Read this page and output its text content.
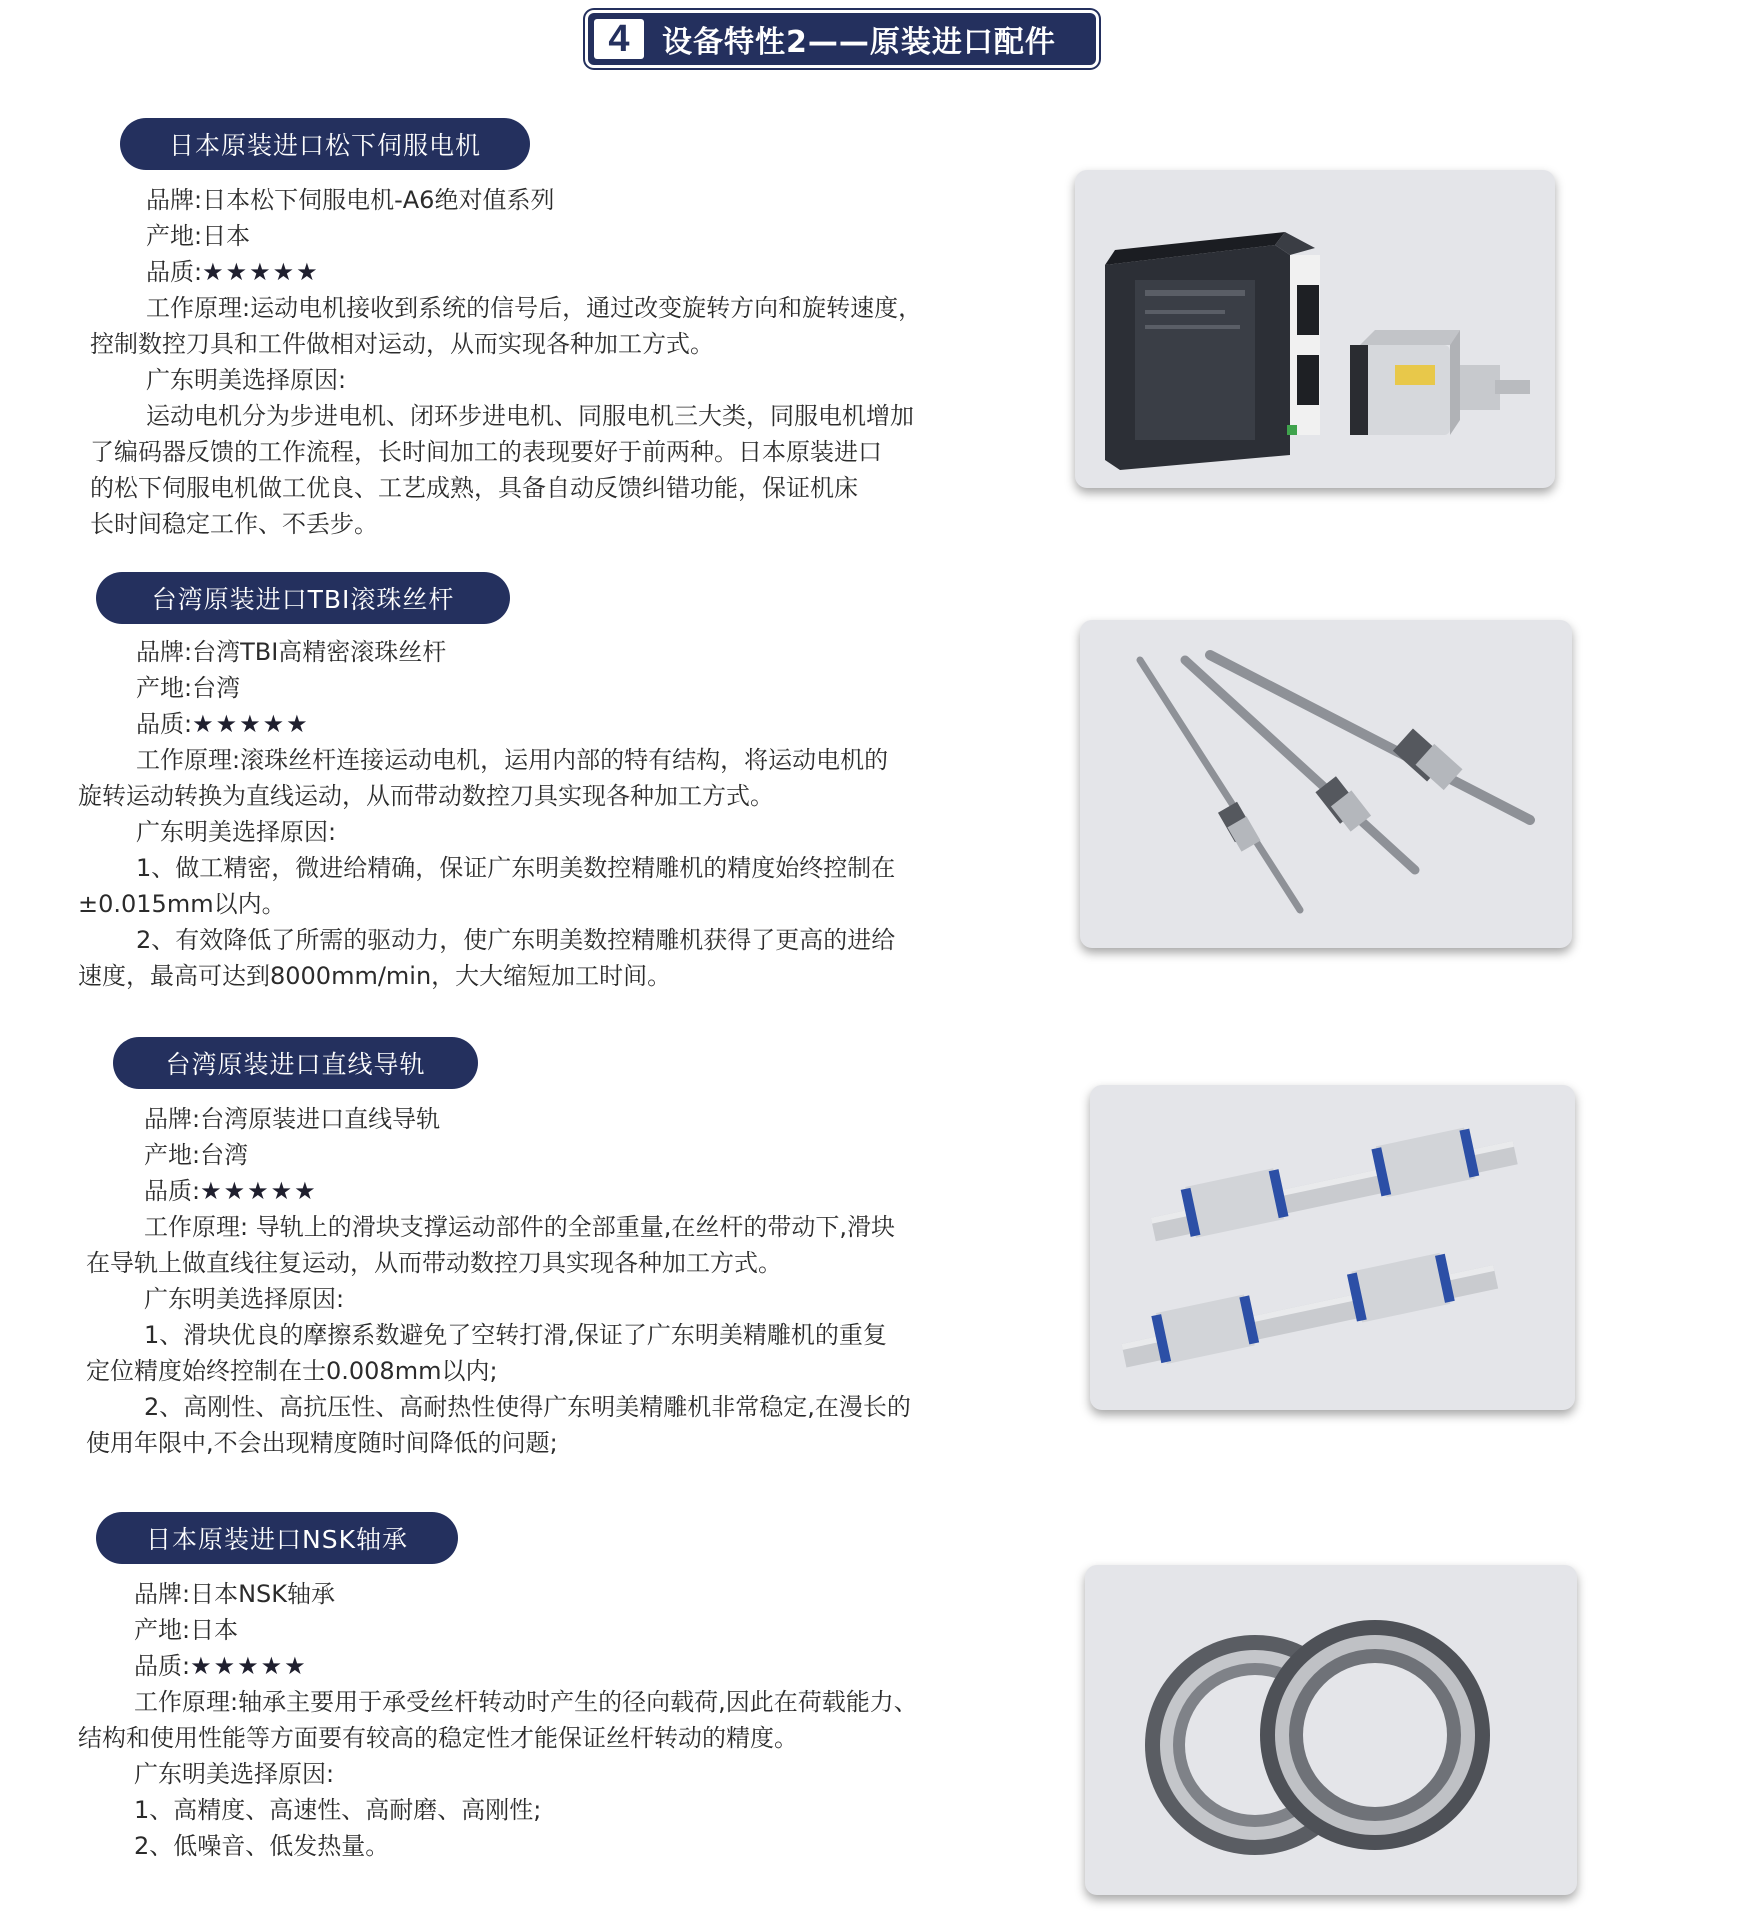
4	设备特性2——原装进口配件
日本原装进口松下伺服电机
品牌:日本松下伺服电机-A6绝对值系列
产地:日本
品质:★★★★★
工作原理:运动电机接收到系统的信号后，通过改变旋转方向和旋转速度，
控制数控刀具和工件做相对运动，从而实现各种加工方式。
广东明美选择原因:
运动电机分为步进电机、闭环步进电机、同服电机三大类，同服电机增加
了编码器反馈的工作流程，长时间加工的表现要好于前两种。日本原装进口
的松下伺服电机做工优良、工艺成熟，具备自动反馈纠错功能，保证机床
长时间稳定工作、不丢步。
台湾原装进口TBI滚珠丝杆
品牌:台湾TBI高精密滚珠丝杆
产地:台湾
品质:★★★★★
工作原理:滚珠丝杆连接运动电机，运用内部的特有结构，将运动电机的
旋转运动转换为直线运动，从而带动数控刀具实现各种加工方式。
广东明美选择原因:
1、做工精密，微进给精确，保证广东明美数控精雕机的精度始终控制在
±0.015mm以内。
2、有效降低了所需的驱动力，使广东明美数控精雕机获得了更高的进给
速度，最高可达到8000mm/min，大大缩短加工时间。
台湾原装进口直线导轨
品牌:台湾原装进口直线导轨
产地:台湾
品质:★★★★★
工作原理: 导轨上的滑块支撑运动部件的全部重量,在丝杆的带动下,滑块
在导轨上做直线往复运动，从而带动数控刀具实现各种加工方式。
广东明美选择原因:
1、滑块优良的摩擦系数避免了空转打滑,保证了广东明美精雕机的重复
定位精度始终控制在士0.008mm以内;
2、高刚性、高抗压性、高耐热性使得广东明美精雕机非常稳定,在漫长的
使用年限中,不会出现精度随时间降低的问题;
日本原装进口NSK轴承
品牌:日本NSK轴承
产地:日本
品质:★★★★★
工作原理:轴承主要用于承受丝杆转动时产生的径向载荷,因此在荷载能力、
结构和使用性能等方面要有较高的稳定性才能保证丝杆转动的精度。
广东明美选择原因:
1、高精度、高速性、高耐磨、高刚性;
2、低噪音、低发热量。
